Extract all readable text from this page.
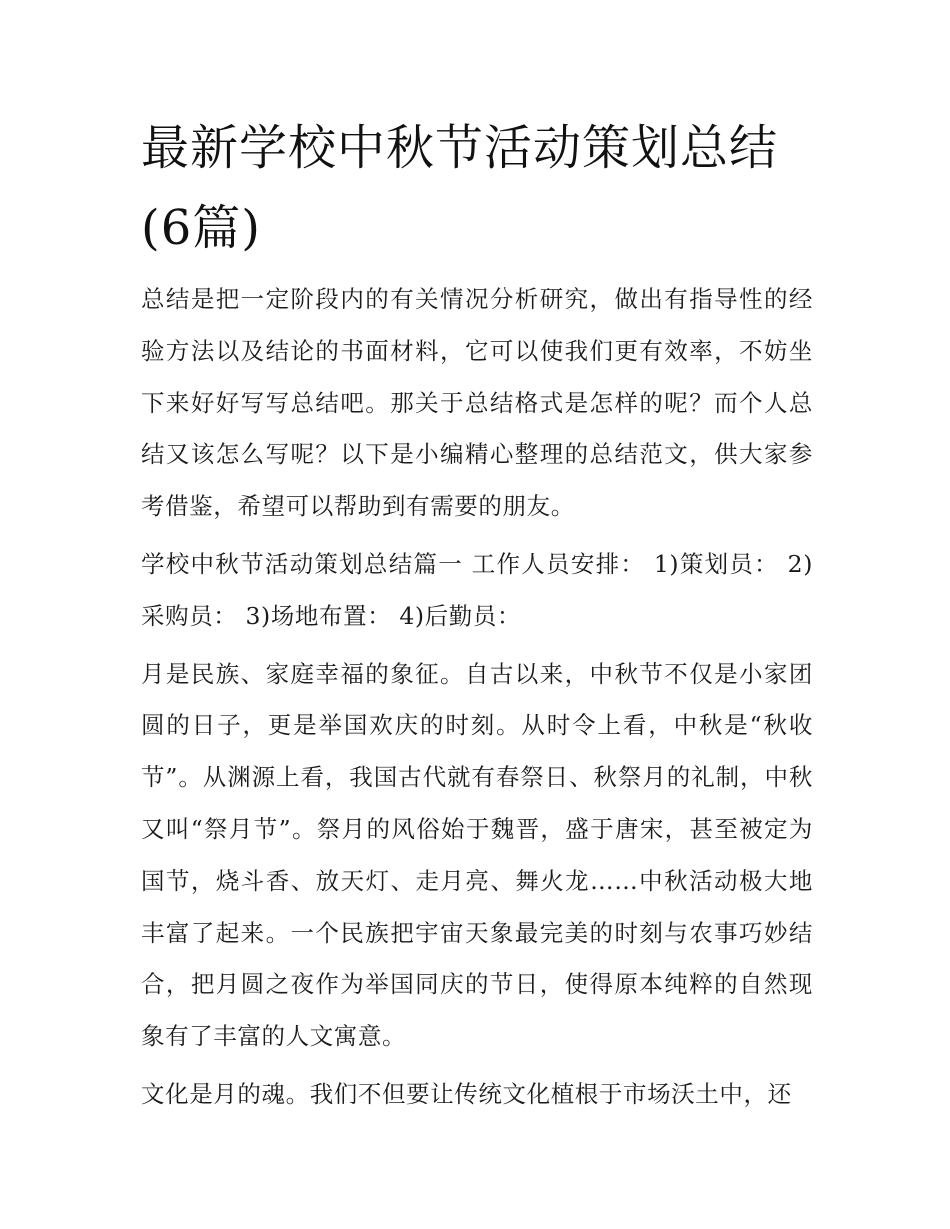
最新学校中秋节活动策划总结(6篇)

总结是把一定阶段内的有关情况分析研究，做出有指导性的经验方法以及结论的书面材料，它可以使我们更有效率，不妨坐下来好好写写总结吧。那关于总结格式是怎样的呢？而个人总结又该怎么写呢？以下是小编精心整理的总结范文，供大家参考借鉴，希望可以帮助到有需要的朋友。

学校中秋节活动策划总结篇一 工作人员安排： 1)策划员： 2)采购员： 3)场地布置： 4)后勤员：

月是民族、家庭幸福的象征。自古以来，中秋节不仅是小家团圆的日子，更是举国欢庆的时刻。从时令上看，中秋是“秋收节”。从渊源上看，我国古代就有春祭日、秋祭月的礼制，中秋又叫“祭月节”。祭月的风俗始于魏晋，盛于唐宋，甚至被定为国节，烧斗香、放天灯、走月亮、舞火龙……中秋活动极大地丰富了起来。一个民族把宇宙天象最完美的时刻与农事巧妙结合，把月圆之夜作为举国同庆的节日，使得原本纯粹的自然现象有了丰富的人文寓意。

文化是月的魂。我们不但要让传统文化植根于市场沃土中，还
